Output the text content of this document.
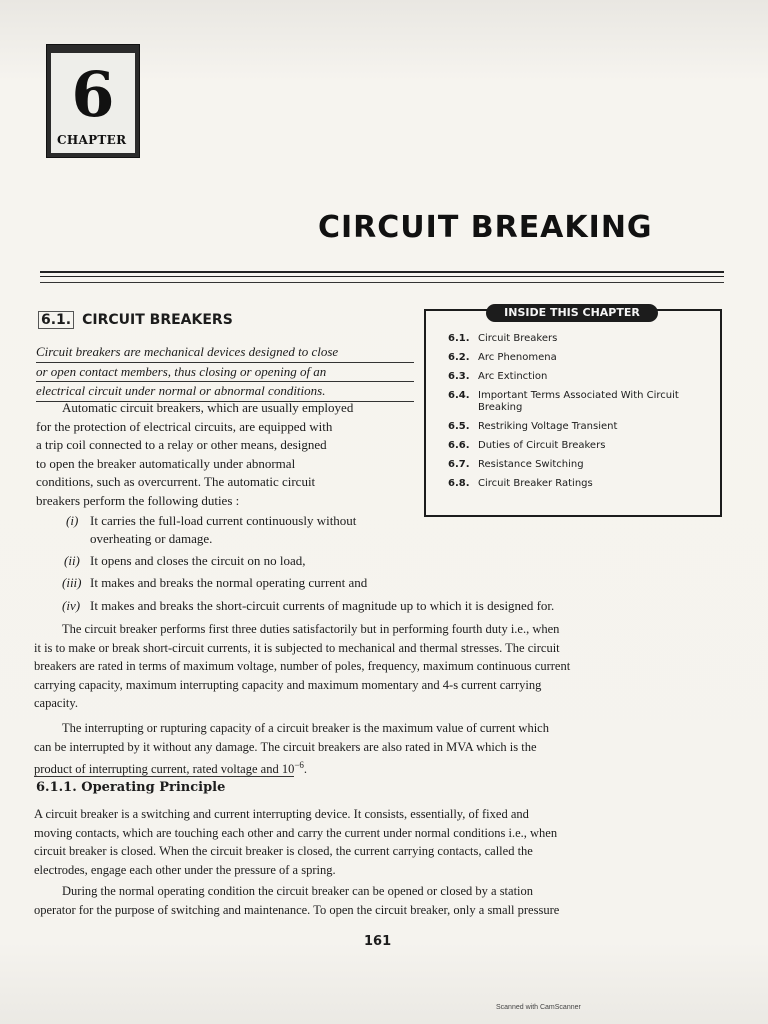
6
CHAPTER
CIRCUIT BREAKING
6.1. CIRCUIT BREAKERS	INSIDE THIS CHAPTER
6.1. Circuit Breakers
6.2. Arc Phenomena
6.3. Arc Extinction
6.4. Important Terms Associated With Circuit Breaking
6.5. Restriking Voltage Transient
6.6. Duties of Circuit Breakers
6.7. Resistance Switching
6.8. Circuit Breaker Ratings
Circuit breakers are mechanical devices designed to close
or open contact members, thus closing or opening of an
electrical circuit under normal or abnormal conditions.
Automatic circuit breakers, which are usually employed
for the protection of electrical circuits, are equipped with
a trip coil connected to a relay or other means, designed
to open the breaker automatically under abnormal
conditions, such as overcurrent. The automatic circuit
breakers perform the following duties :
(i) It carries the full-load current continuously without
overheating or damage.
(ii) It opens and closes the circuit on no load,
(iii) It makes and breaks the normal operating current and
(iv) It makes and breaks the short-circuit currents of magnitude up to which it is designed for.
The circuit breaker performs first three duties satisfactorily but in performing fourth duty i.e., when
it is to make or break short-circuit currents, it is subjected to mechanical and thermal stresses. The circuit
breakers are rated in terms of maximum voltage, number of poles, frequency, maximum continuous current
carrying capacity, maximum interrupting capacity and maximum momentary and 4-s current carrying
capacity.
The interrupting or rupturing capacity of a circuit breaker is the maximum value of current which
can be interrupted by it without any damage. The circuit breakers are also rated in MVA which is the
product of interrupting current, rated voltage and $10^{-6}$.
6.1.1. Operating Principle
A circuit breaker is a switching and current interrupting device. It consists, essentially, of fixed and
moving contacts, which are touching each other and carry the current under normal conditions i.e., when
circuit breaker is closed. When the circuit breaker is closed, the current carrying contacts, called the
electrodes, engage each other under the pressure of a spring.
During the normal operating condition the circuit breaker can be opened or closed by a station
operator for the purpose of switching and maintenance. To open the circuit breaker, only a small pressure
161
Scanned with CamScanner
